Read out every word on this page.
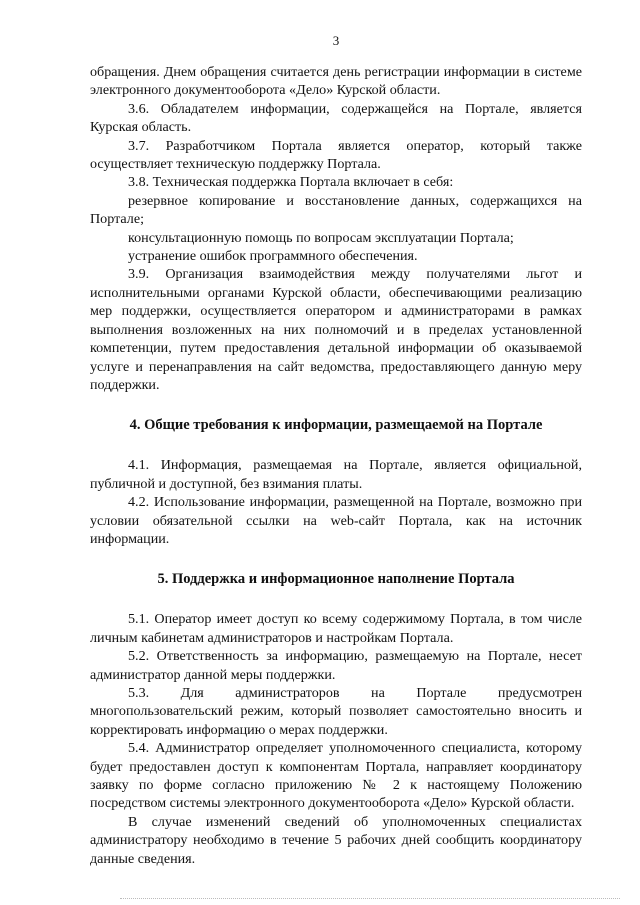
3

обращения. Днем обращения считается день регистрации информации в системе электронного документооборота «Дело» Курской области.

3.6. Обладателем информации, содержащейся на Портале, является Курская область.

3.7. Разработчиком Портала является оператор, который также осуществляет техническую поддержку Портала.

3.8. Техническая поддержка Портала включает в себя:

резервное копирование и восстановление данных, содержащихся на Портале;

консультационную помощь по вопросам эксплуатации Портала;

устранение ошибок программного обеспечения.

3.9. Организация взаимодействия между получателями льгот и исполнительными органами Курской области, обеспечивающими реализацию мер поддержки, осуществляется оператором и администраторами в рамках выполнения возложенных на них полномочий и в пределах установленной компетенции, путем предоставления детальной информации об оказываемой услуге и перенаправления на сайт ведомства, предоставляющего данную меру поддержки.

4. Общие требования к информации, размещаемой на Портале

4.1. Информация, размещаемая на Портале, является официальной, публичной и доступной, без взимания платы.

4.2. Использование информации, размещенной на Портале, возможно при условии обязательной ссылки на web-сайт Портала, как на источник информации.

5. Поддержка и информационное наполнение Портала

5.1. Оператор имеет доступ ко всему содержимому Портала, в том числе личным кабинетам администраторов и настройкам Портала.

5.2. Ответственность за информацию, размещаемую на Портале, несет администратор данной меры поддержки.

5.3. Для администраторов на Портале предусмотрен многопользовательский режим, который позволяет самостоятельно вносить и корректировать информацию о мерах поддержки.

5.4. Администратор определяет уполномоченного специалиста, которому будет предоставлен доступ к компонентам Портала, направляет координатору заявку по форме согласно приложению № 2 к настоящему Положению посредством системы электронного документооборота «Дело» Курской области.

В случае изменений сведений об уполномоченных специалистах администратору необходимо в течение 5 рабочих дней сообщить координатору данные сведения.
